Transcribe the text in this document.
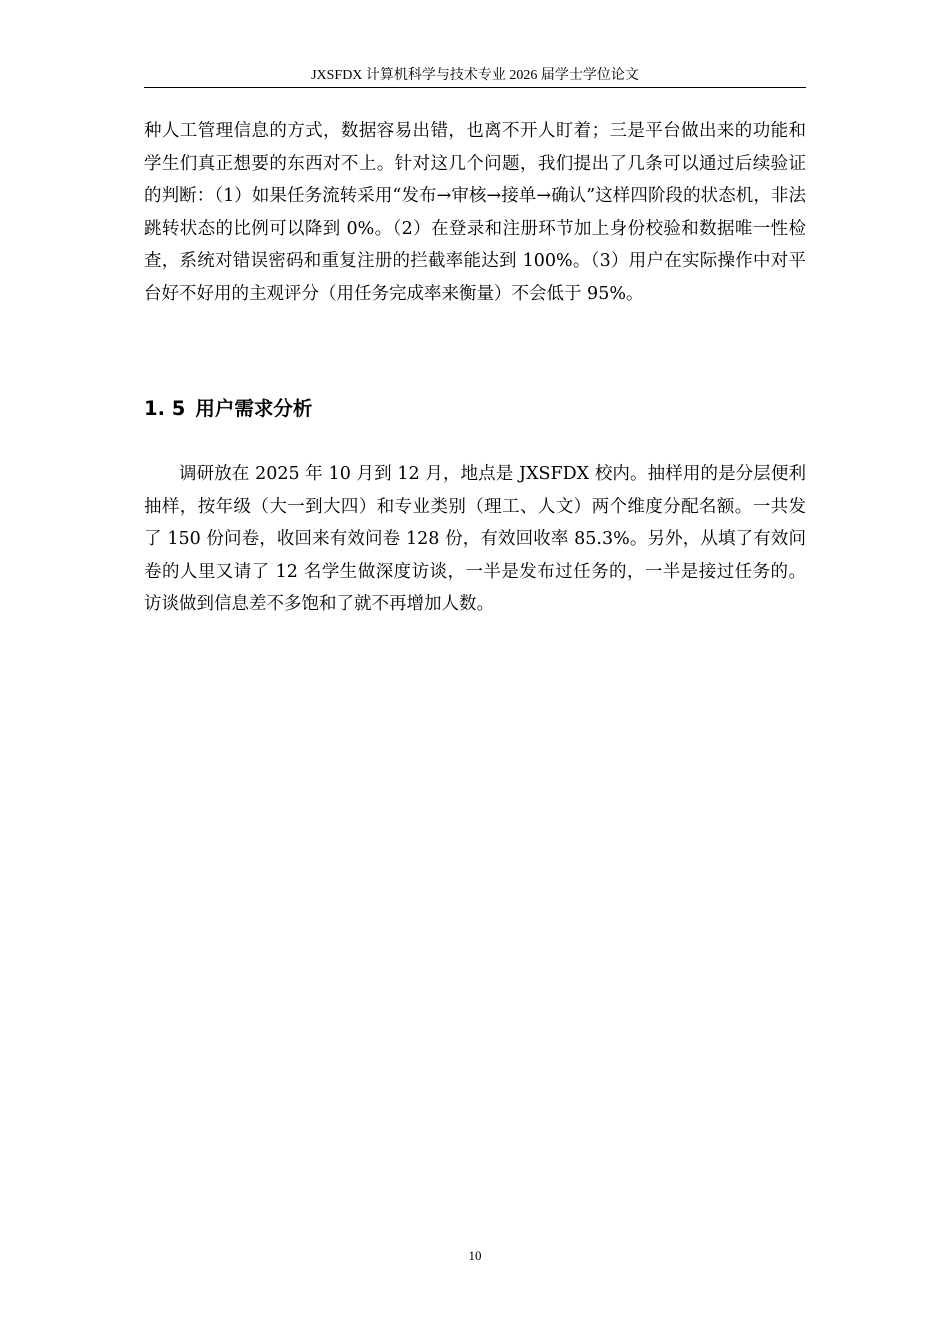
JXSFDX 计算机科学与技术专业 2026 届学士学位论文

种人工管理信息的方式，数据容易出错，也离不开人盯着；三是平台做出来的功能和学生们真正想要的东西对不上。针对这几个问题，我们提出了几条可以通过后续验证的判断：（1）如果任务流转采用“发布→审核→接单→确认”这样四阶段的状态机，非法跳转状态的比例可以降到 0%。（2）在登录和注册环节加上身份校验和数据唯一性检查，系统对错误密码和重复注册的拦截率能达到 100%。（3）用户在实际操作中对平台好不好用的主观评分（用任务完成率来衡量）不会低于 95%。

1. 5 用户需求分析

调研放在 2025 年 10 月到 12 月，地点是 JXSFDX 校内。抽样用的是分层便利抽样，按年级（大一到大四）和专业类别（理工、人文）两个维度分配名额。一共发了 150 份问卷，收回来有效问卷 128 份，有效回收率 85.3%。另外，从填了有效问卷的人里又请了 12 名学生做深度访谈，一半是发布过任务的，一半是接过任务的。访谈做到信息差不多饱和了就不再增加人数。

10
